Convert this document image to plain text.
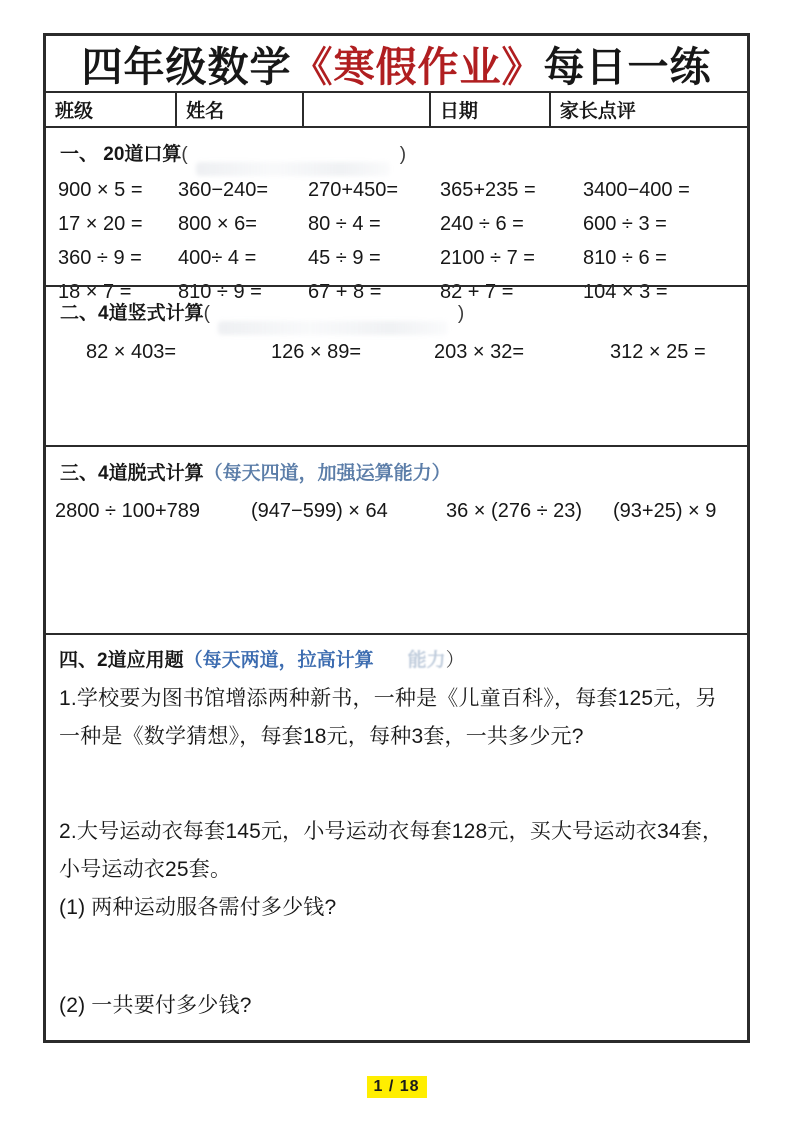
四年级数学 《寒假作业》 每日一练
班级	姓名	日期	家长点评
一、 20道口算 (	)
900 × 5 =	360−240=	270+450=	365+235 =	3400−400 =
17 × 20 =	800 × 6=	80 ÷ 4 =	240 ÷ 6 =	600 ÷ 3 =
360 ÷ 9 =	400÷ 4 =	45 ÷ 9 =	2100 ÷ 7 =	810 ÷ 6 =
18 × 7 =	810 ÷ 9 =	67 + 8 =	82 + 7 =	104 × 3 =
二、4道竖式计算 (	)
82 × 403=	126 × 89=	203 × 32=	312 × 25 =
三、4道脱式计算 （ 每天四道，加强运算能力 ）
2800 ÷ 100+789	(947−599) × 64	36 × (276 ÷ 23)	(93+25) × 9
四、2道应用题 （ 每天两道，拉高计算 能力 ）
1.学校要为图书馆增添两种新书，一种是《儿童百科》，每套125元，另一种是《数学猜想》，每套18元，每种3套，一共多少元?
2.大号运动衣每套145元，小号运动衣每套128元，买大号运动衣34套，小号运动衣25套。
(1) 两种运动服各需付多少钱?
(2) 一共要付多少钱?
1 / 18
